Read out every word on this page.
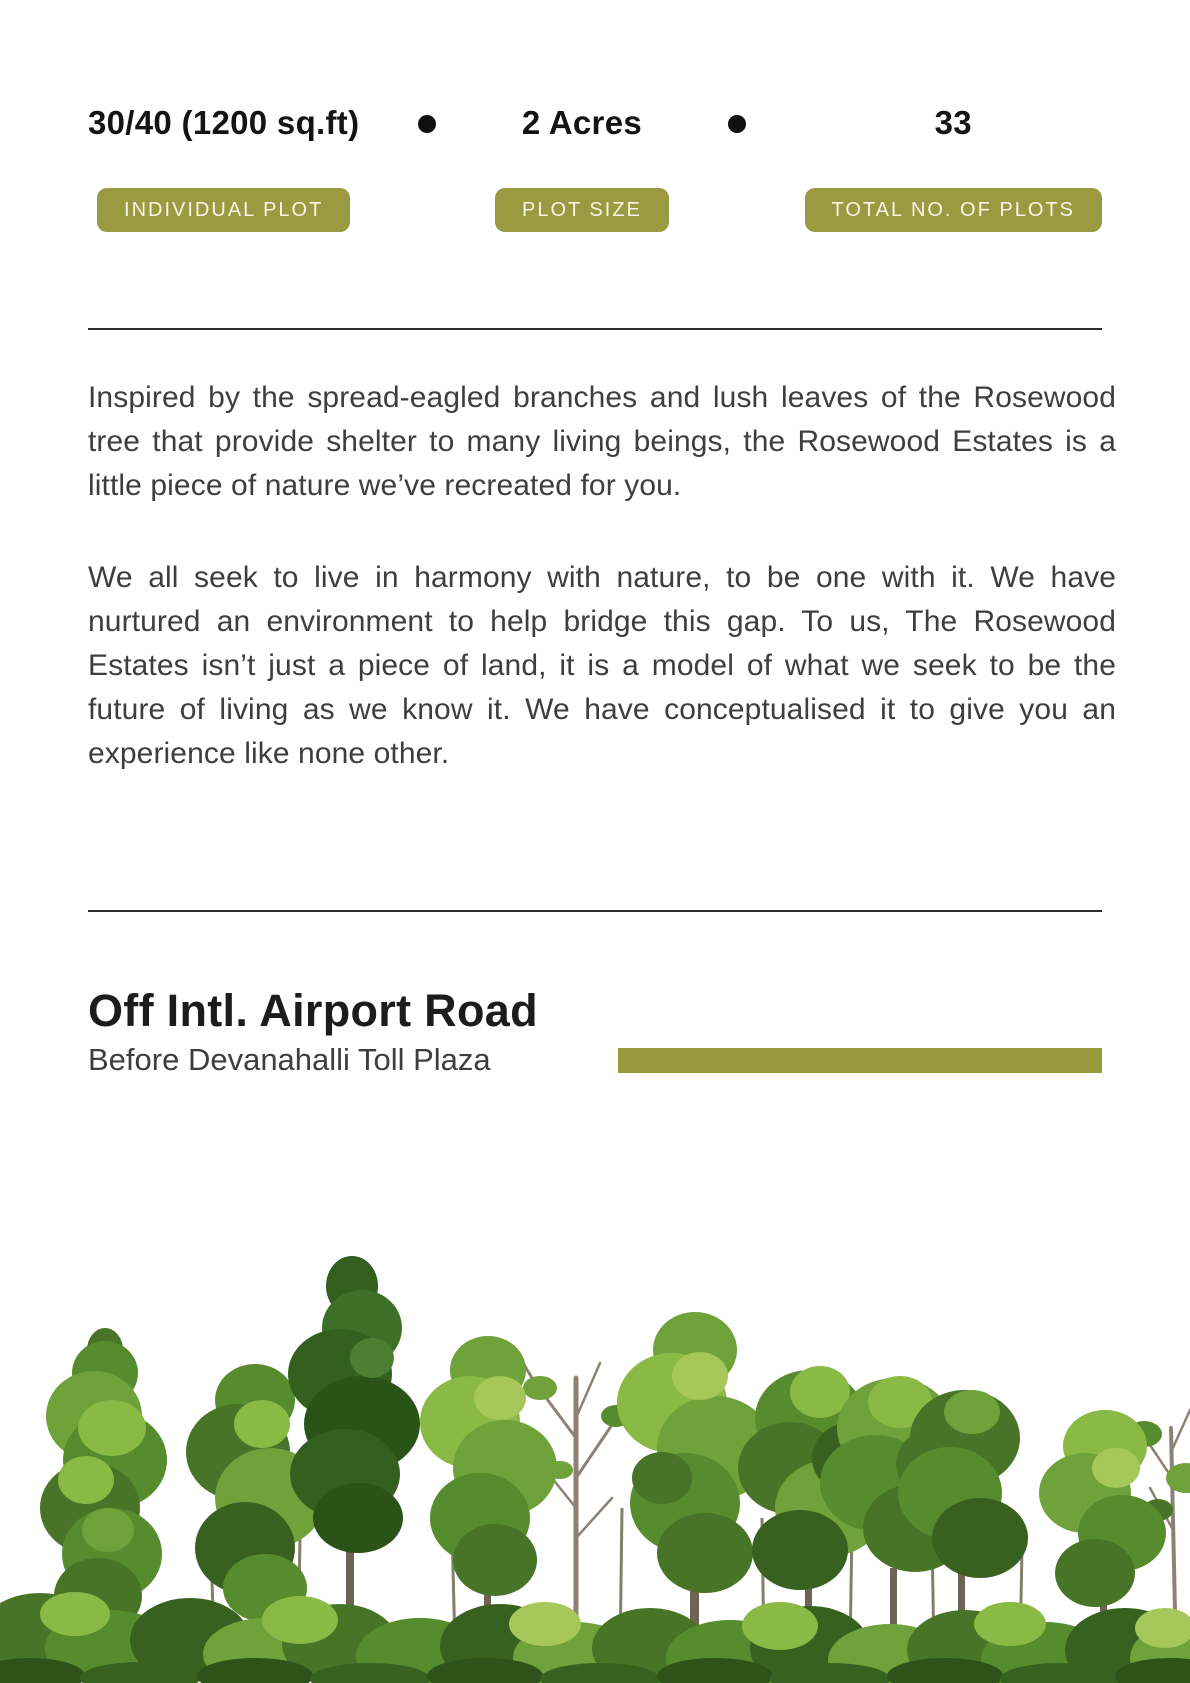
30/40 (1200 sq.ft)
INDIVIDUAL PLOT
2 Acres
PLOT SIZE
33
TOTAL NO. OF PLOTS

Inspired by the spread-eagled branches and lush leaves of the Rosewood tree that provide shelter to many living beings, the Rosewood Estates is a little piece of nature we’ve recreated for you.

We all seek to live in harmony with nature, to be one with it. We have nurtured an environment to help bridge this gap. To us, The Rosewood Estates isn’t just a piece of land, it is a model of what we seek to be the future of living as we know it. We have conceptualised it to give you an experience like none other.

Off Intl. Airport Road
Before Devanahalli Toll Plaza
